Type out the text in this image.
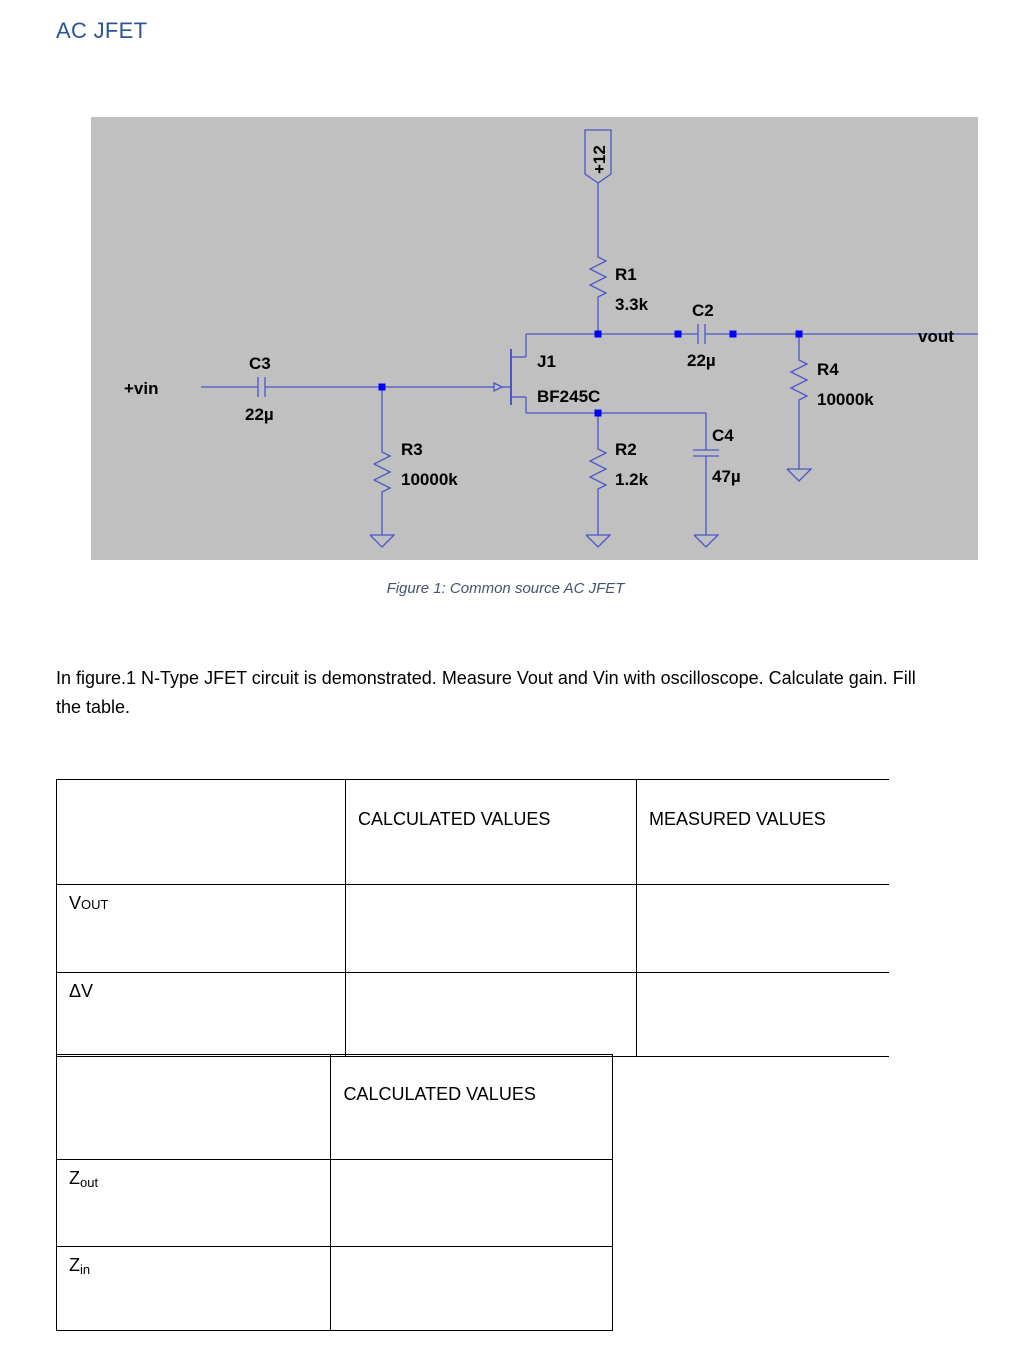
AC JFET
+12
+vin
vout
C3
22µ
R3
10000k
J1
BF245C
R1
3.3k
R2
1.2k
C2
22µ
C4
47µ
R4
10000k
Figure 1: Common source AC JFET

In figure.1 N-Type JFET circuit is demonstrated. Measure Vout and Vin with oscilloscope. Calculate gain. Fill the table.

	CALCULATED VALUES	MEASURED VALUES
VOUT		
ΔV		
	CALCULATED VALUES
$Z_{out}$	
$Z_{in}$	
